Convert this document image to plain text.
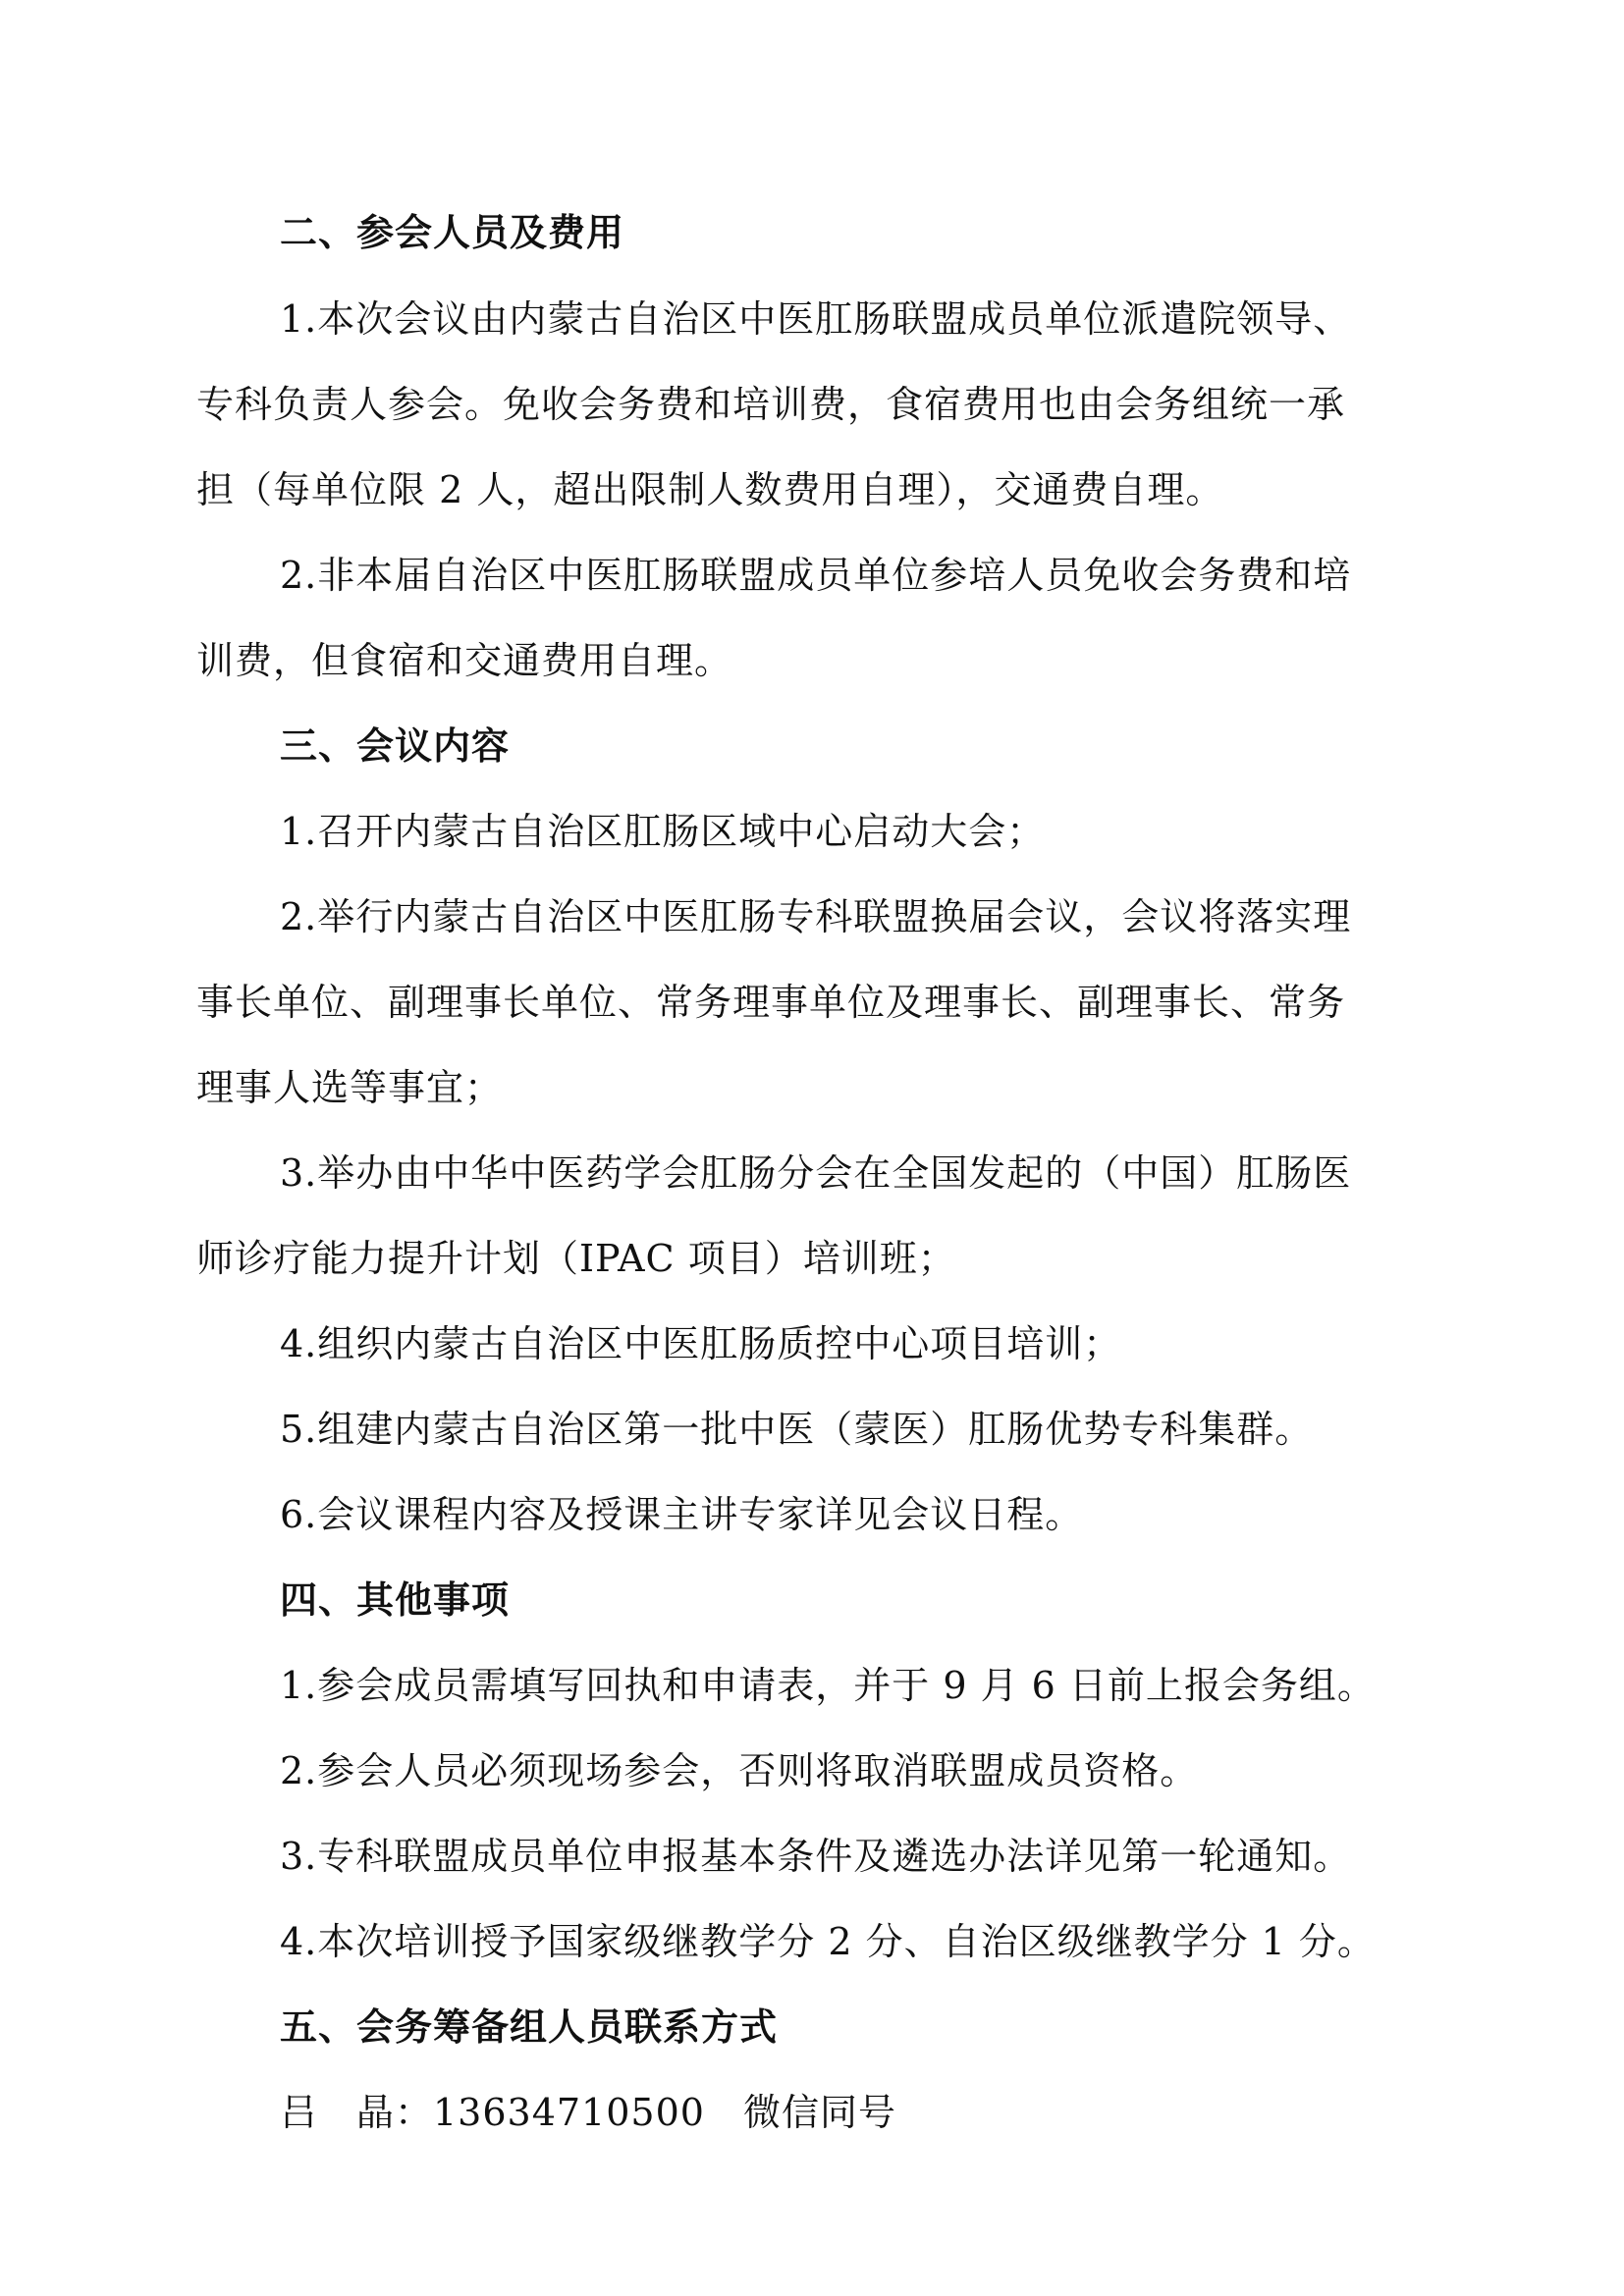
二、参会人员及费用
1.本次会议由内蒙古自治区中医肛肠联盟成员单位派遣院领导、
专科负责人参会。免收会务费和培训费，食宿费用也由会务组统一承
担（每单位限 2 人，超出限制人数费用自理），交通费自理。
2.非本届自治区中医肛肠联盟成员单位参培人员免收会务费和培
训费，但食宿和交通费用自理。
三、会议内容
1.召开内蒙古自治区肛肠区域中心启动大会；
2.举行内蒙古自治区中医肛肠专科联盟换届会议，会议将落实理
事长单位、副理事长单位、常务理事单位及理事长、副理事长、常务
理事人选等事宜；
3.举办由中华中医药学会肛肠分会在全国发起的（中国）肛肠医
师诊疗能力提升计划（IPAC 项目）培训班；
4.组织内蒙古自治区中医肛肠质控中心项目培训；
5.组建内蒙古自治区第一批中医（蒙医）肛肠优势专科集群。
6.会议课程内容及授课主讲专家详见会议日程。
四、其他事项
1.参会成员需填写回执和申请表，并于 9 月 6 日前上报会务组。
2.参会人员必须现场参会，否则将取消联盟成员资格。
3.专科联盟成员单位申报基本条件及遴选办法详见第一轮通知。
4.本次培训授予国家级继教学分 2 分、自治区级继教学分 1 分。
五、会务筹备组人员联系方式
吕　晶：13634710500　微信同号
